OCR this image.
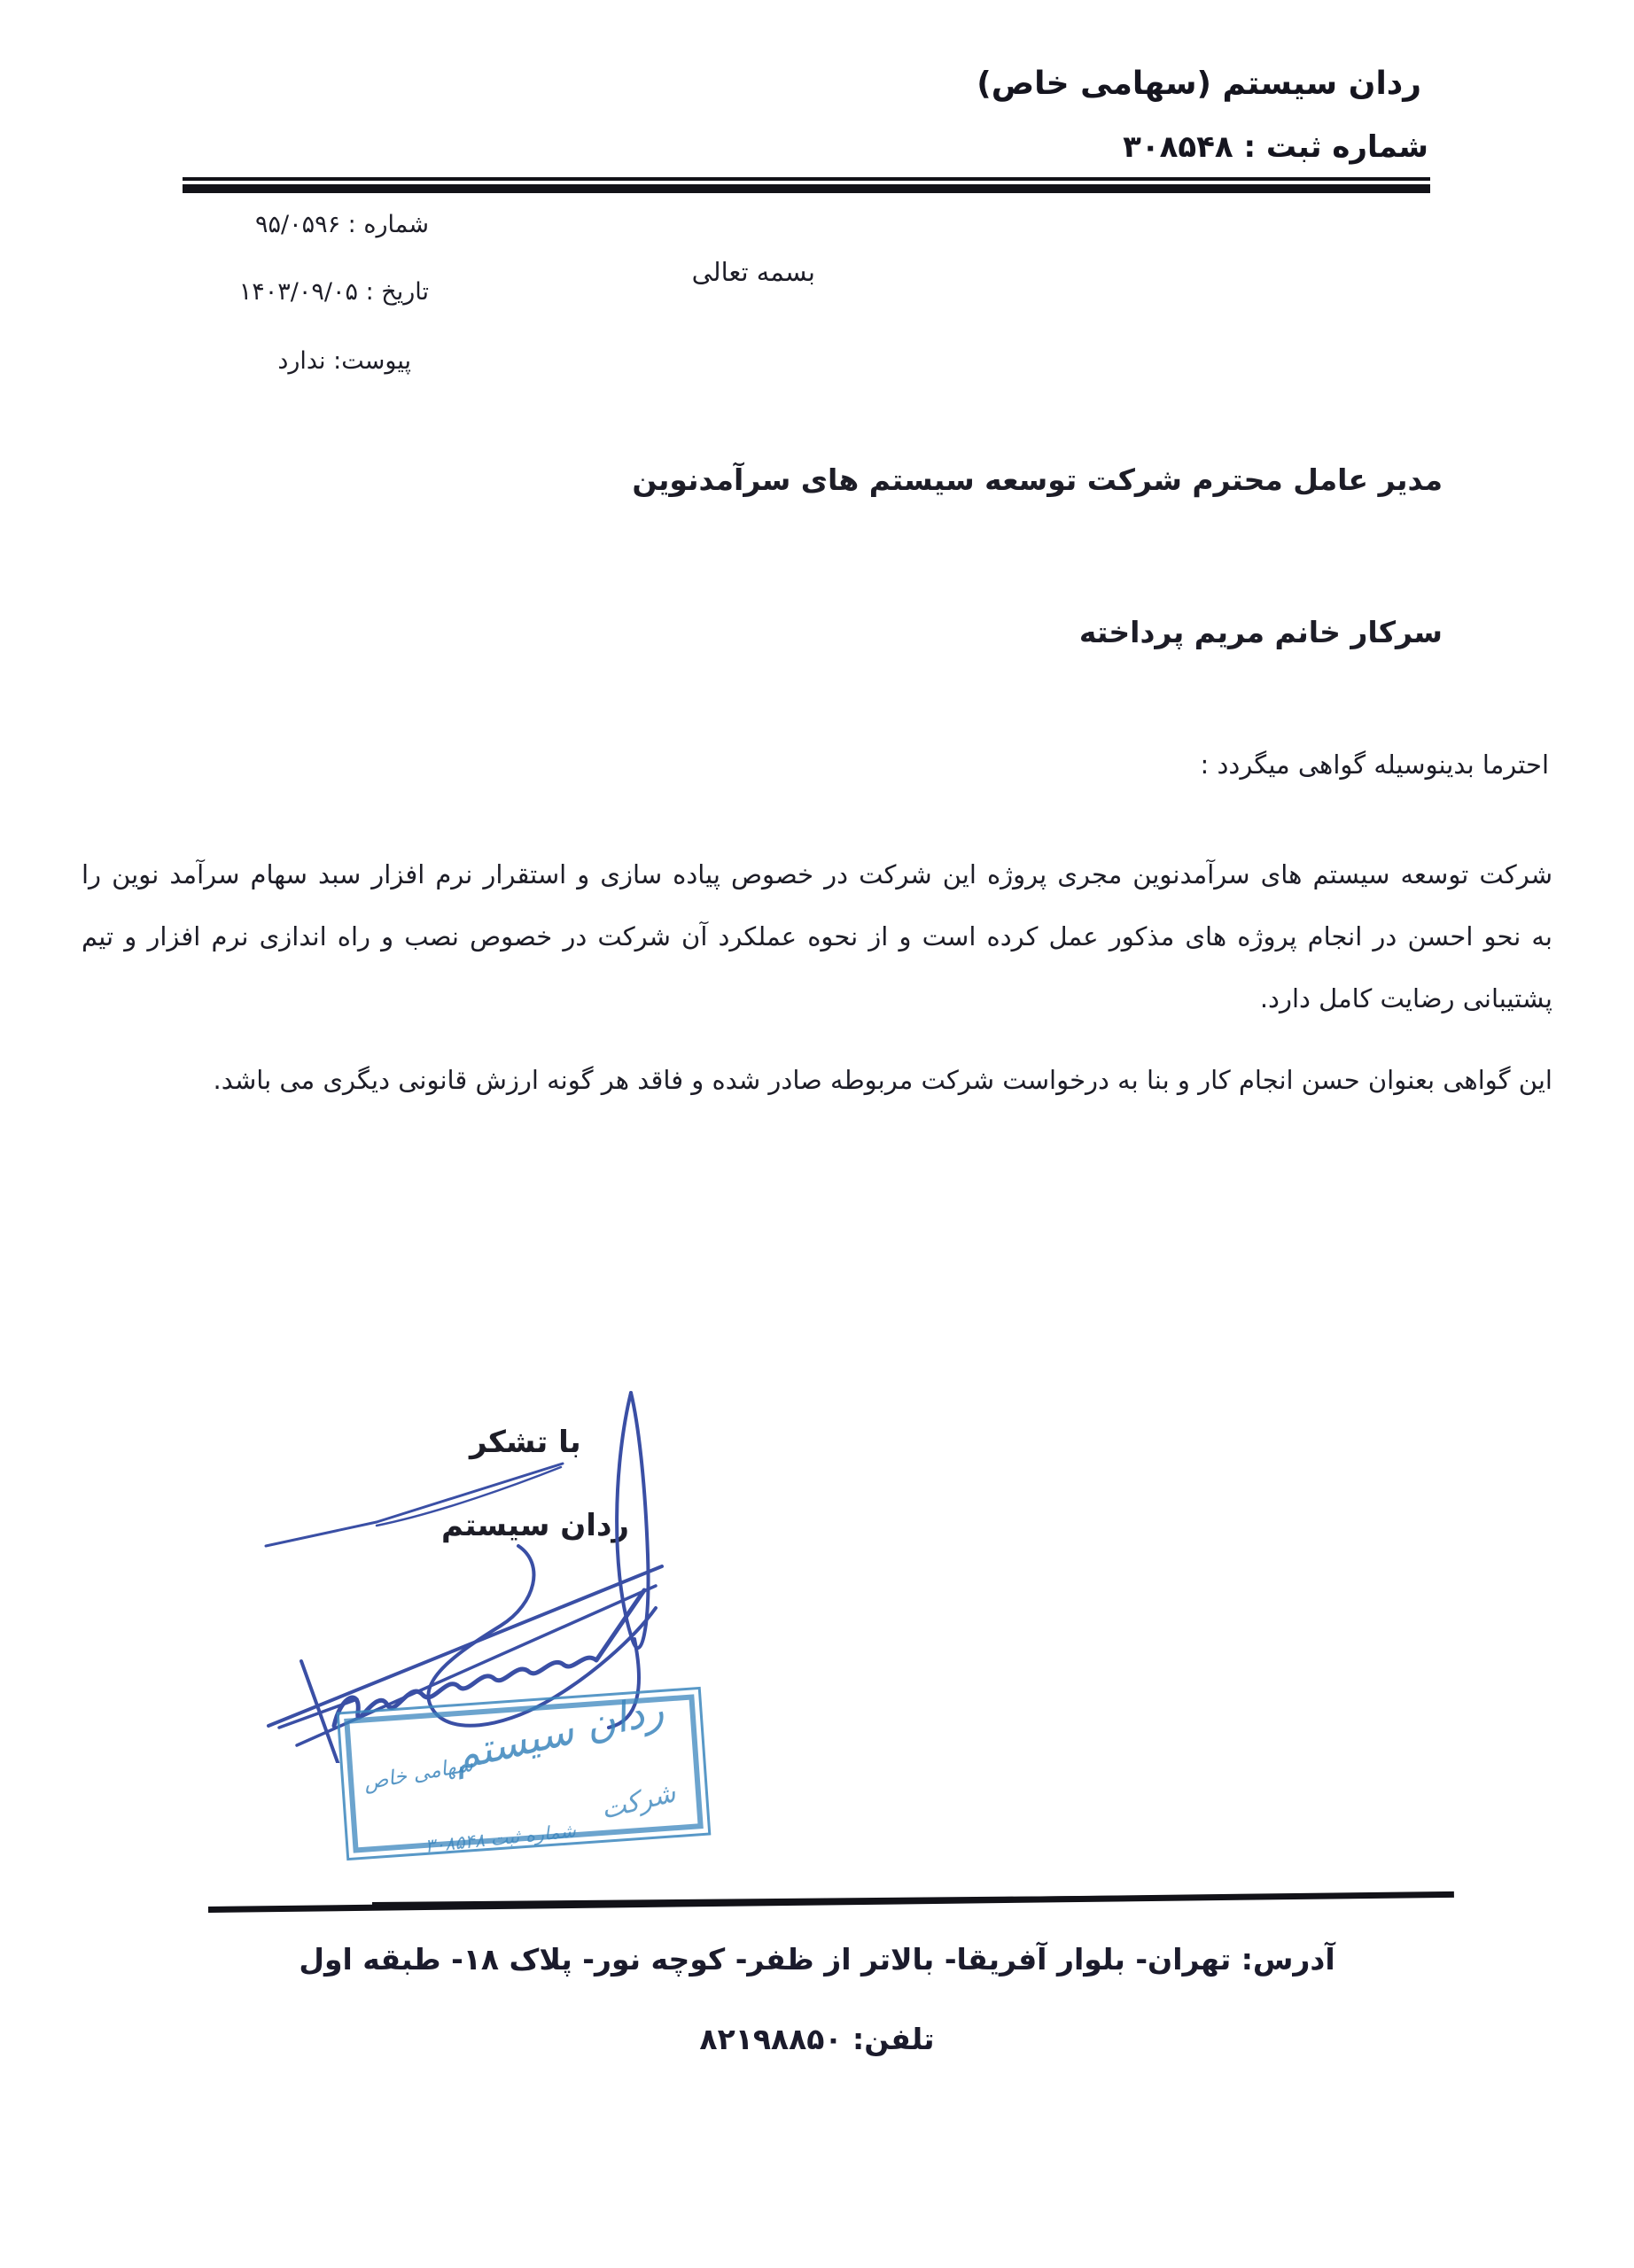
ردان سیستم (سهامی خاص)
شماره ثبت : ۳۰۸۵۴۸
شماره : ۹۵/۰۵۹۶
تاریخ : ۱۴۰۳/۰۹/۰۵
پیوست: ندارد
بسمه تعالی
مدیر عامل محترم شرکت توسعه سیستم های سرآمدنوین
سرکار خانم مریم پرداخته
احترما بدینوسیله گواهی میگردد :
شرکت توسعه سیستم های سرآمدنوین مجری پروژه این شرکت در خصوص پیاده سازی و استقرار نرم افزار سبد سهام سرآمد نوین را
به نحو احسن در انجام پروژه های مذکور عمل کرده است و از نحوه عملکرد آن شرکت در خصوص نصب و راه اندازی نرم افزار و تیم
پشتیبانی رضایت کامل دارد.
این گواهی بعنوان حسن انجام کار و بنا به درخواست شرکت مربوطه صادر شده و فاقد هر گونه ارزش قانونی دیگری می باشد.
با تشکر
ردان سیستم
ردان سیستم
شرکت
سهامی خاص
شماره ثبت ۳۰۸۵۴۸
آدرس: تهران- بلوار آفریقا- بالاتر از ظفر- کوچه نور- پلاک ۱۸- طبقه اول
تلفن: ۸۲۱۹۸۸۵۰
